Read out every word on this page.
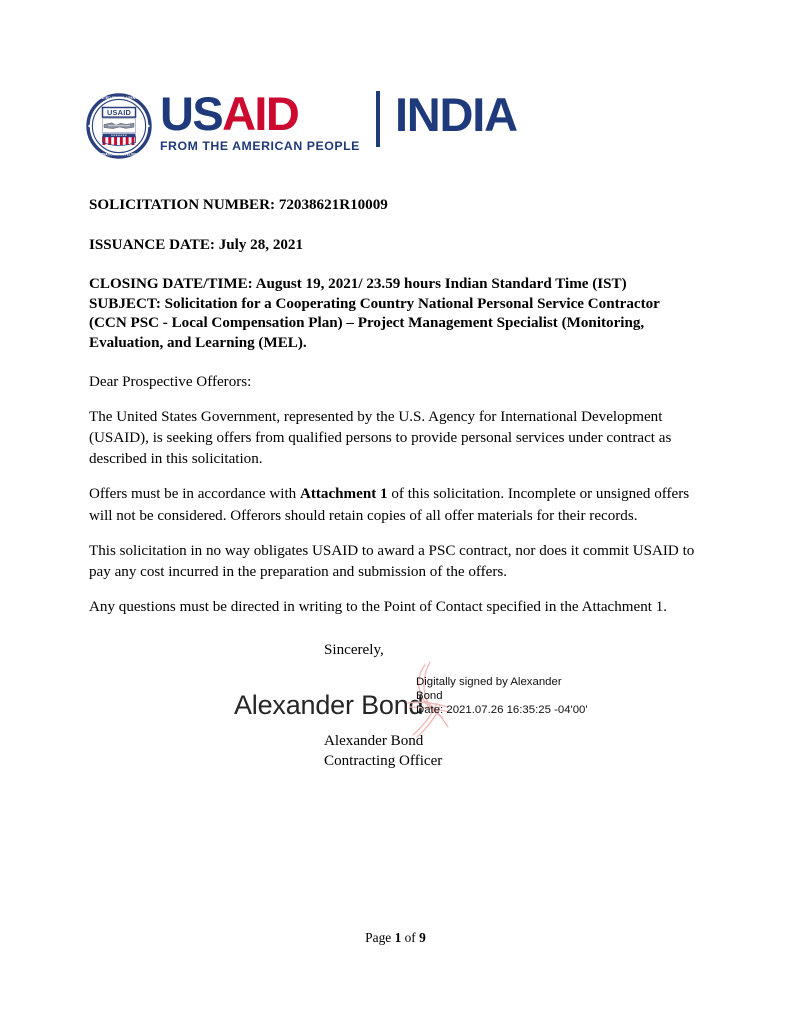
UNITED STATES AGENCY
INTERNATIONAL DEVELOPMENT
USAID
★★★★★★★ USAID
FROM THE AMERICAN PEOPLE
INDIA
SOLICITATION NUMBER: 72038621R10009
ISSUANCE DATE: July 28, 2021
CLOSING DATE/TIME: August 19, 2021/ 23.59 hours Indian Standard Time (IST)
SUBJECT: Solicitation for a Cooperating Country National Personal Service Contractor
(CCN PSC - Local Compensation Plan) – Project Management Specialist (Monitoring,
Evaluation, and Learning (MEL).
Dear Prospective Offerors:
The United States Government, represented by the U.S. Agency for International Development (USAID), is seeking offers from qualified persons to provide personal services under contract as described in this solicitation.
Offers must be in accordance with Attachment 1 of this solicitation. Incomplete or unsigned offers will not be considered. Offerors should retain copies of all offer materials for their records.
This solicitation in no way obligates USAID to award a PSC contract, nor does it commit USAID to pay any cost incurred in the preparation and submission of the offers.
Any questions must be directed in writing to the Point of Contact specified in the Attachment 1.
Sincerely,
Alexander Bond
Digitally signed by Alexander
Bond
Date: 2021.07.26 16:35:25 -04'00'
Alexander Bond
Contracting Officer
Page 1 of 9
